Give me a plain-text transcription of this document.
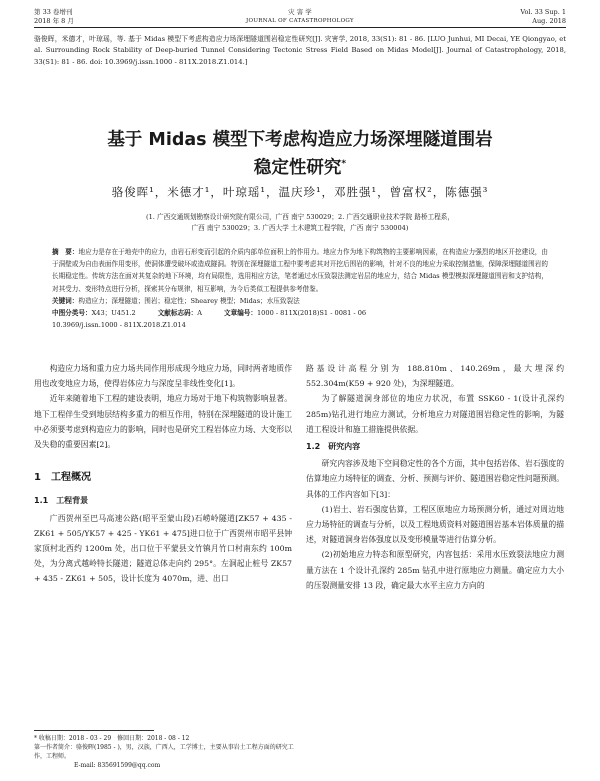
第 33 卷增刊
2018 年 8 月
灾 害 学
JOURNAL OF CATASTROPHOLOGY
Vol. 33 Sup. 1
Aug. 2018

骆俊晖，米德才，叶琼瑶，等. 基于 Midas 模型下考虑构造应力场深埋隧道围岩稳定性研究[J]. 灾害学, 2018, 33(S1): 81 - 86. [LUO Junhui, MI Decai, YE Qiongyao, et al. Surrounding Rock Stability of Deep-buried Tunnel Considering Tectonic Stress Field Based on Midas Model[J]. Journal of Catastrophology, 2018, 33(S1): 81 - 86. doi: 10.3969/j.issn.1000 - 811X.2018.Z1.014.]

基于 Midas 模型下考虑构造应力场深埋隧道围岩
稳定性研究*
骆俊晖¹，米德才¹，叶琼瑶¹，温庆珍¹，邓胜强¹，曾富权²，陈德强³
(1. 广西交通规划勘察设计研究院有限公司，广西 南宁 530029；2. 广西交通职业技术学院 路桥工程系，
广西 南宁 530029；3. 广西大学 土木建筑工程学院，广西 南宁 530004)

摘　要：地应力是存在于地壳中的应力，由岩石形变而引起的介质内部单位面积上的作用力。地应力作为地下构筑物的主要影响因素，在构造应力强烈的地区开挖建设，由于洞壁或为自由表面作用变形，使洞体遭受破坏或造成隧洞。特别在深埋隧道工程中要考虑其对开挖后围岩的影响，针对不良的地应力采取控制措施，保障深埋隧道围岩的长期稳定性。传统方法在面对其复杂的地下环境，均有局限性，选用相应方法，笔者通过水压致裂法测定岩层的地应力，结合 Midas 模型模拟深埋隧道围岩和支护结构，对其受力、变形特点进行分析，探索其分布规律，相互影响，为今后类似工程提供参考借鉴。

关键词：构造应力；深埋隧道；围岩；稳定性；Shearey 模型；Midas；水压致裂法

中图分类号：X43；U451.2	文献标志码：A	文章编号：1000 - 811X(2018)S1 - 0081 - 06

10.3969/j.issn.1000 - 811X.2018.Z1.014

构造应力场和重力应力场共同作用形成现今地应力场，同时两者地质作用也改变地应力场，使得岩体应力与深度呈非线性变化[1]。

近年来随着地下工程的建设表明，地应力场对于地下构筑物影响显著。地下工程伴生受到地层结构多重力的相互作用，特别在深埋隧道的设计施工中必须要考虑到构造应力的影响，同时也是研究工程岩体应力场、大变形以及失稳的重要因素[2]。

1　工程概况
1.1　工程背景

广西贺州至巴马高速公路(昭平至蒙山段)石崂岭隧道[ZK57 + 435 - ZK61 + 505/YK57 + 425 - YK61 + 475]进口位于广西贺州市昭平县钟家顶村北西约 1200m 处，出口位于平蒙县文竹镇月竹口村南东约 100m 处，为分离式越岭特长隧道；隧道总体走向约 295°。左洞起止桩号 ZK57 + 435 - ZK61 + 505，设计长度为 4070m，进、出口

路基设计高程分别为 188.810m、140.269m，最大埋深约 552.304m(K59 + 920 处)，为深埋隧道。

为了解隧道洞身部位的地应力状况，布置 SSK60 - 1(设计孔深约 285m)钻孔进行地应力测试，分析地应力对隧道围岩稳定性的影响，为隧道工程设计和施工措施提供依据。

1.2　研究内容

研究内容涉及地下空间稳定性的各个方面，其中包括岩体、岩石强度的估算地应力场特征的调查、分析、预测与评价、隧道围岩稳定性问题预测。具体的工作内容如下[3]：

(1)岩土、岩石强度估算，工程区原地应力场预测分析，通过对周边地应力场特征的调查与分析，以及工程地质资料对隧道围岩基本岩体质量的描述，对隧道洞身岩体强度以及变形模量等进行估算分析。

(2)初始地应力特态和原型研究，内容包括：采用水压致裂法地应力测量方法在 1 个设计孔深约 285m 钻孔中进行原地应力测量。确定应力大小的压裂测量安排 13 段，确定最大水平主应力方向的

* 收稿日期：2018 - 03 - 29　修回日期：2018 - 08 - 12
第一作者简介：骆俊晖(1985 - )，男，汉族，广西人，工学博士，主要从事岩土工程方面的研究工作，工程师。
E-mail: 835691599@qq.com
